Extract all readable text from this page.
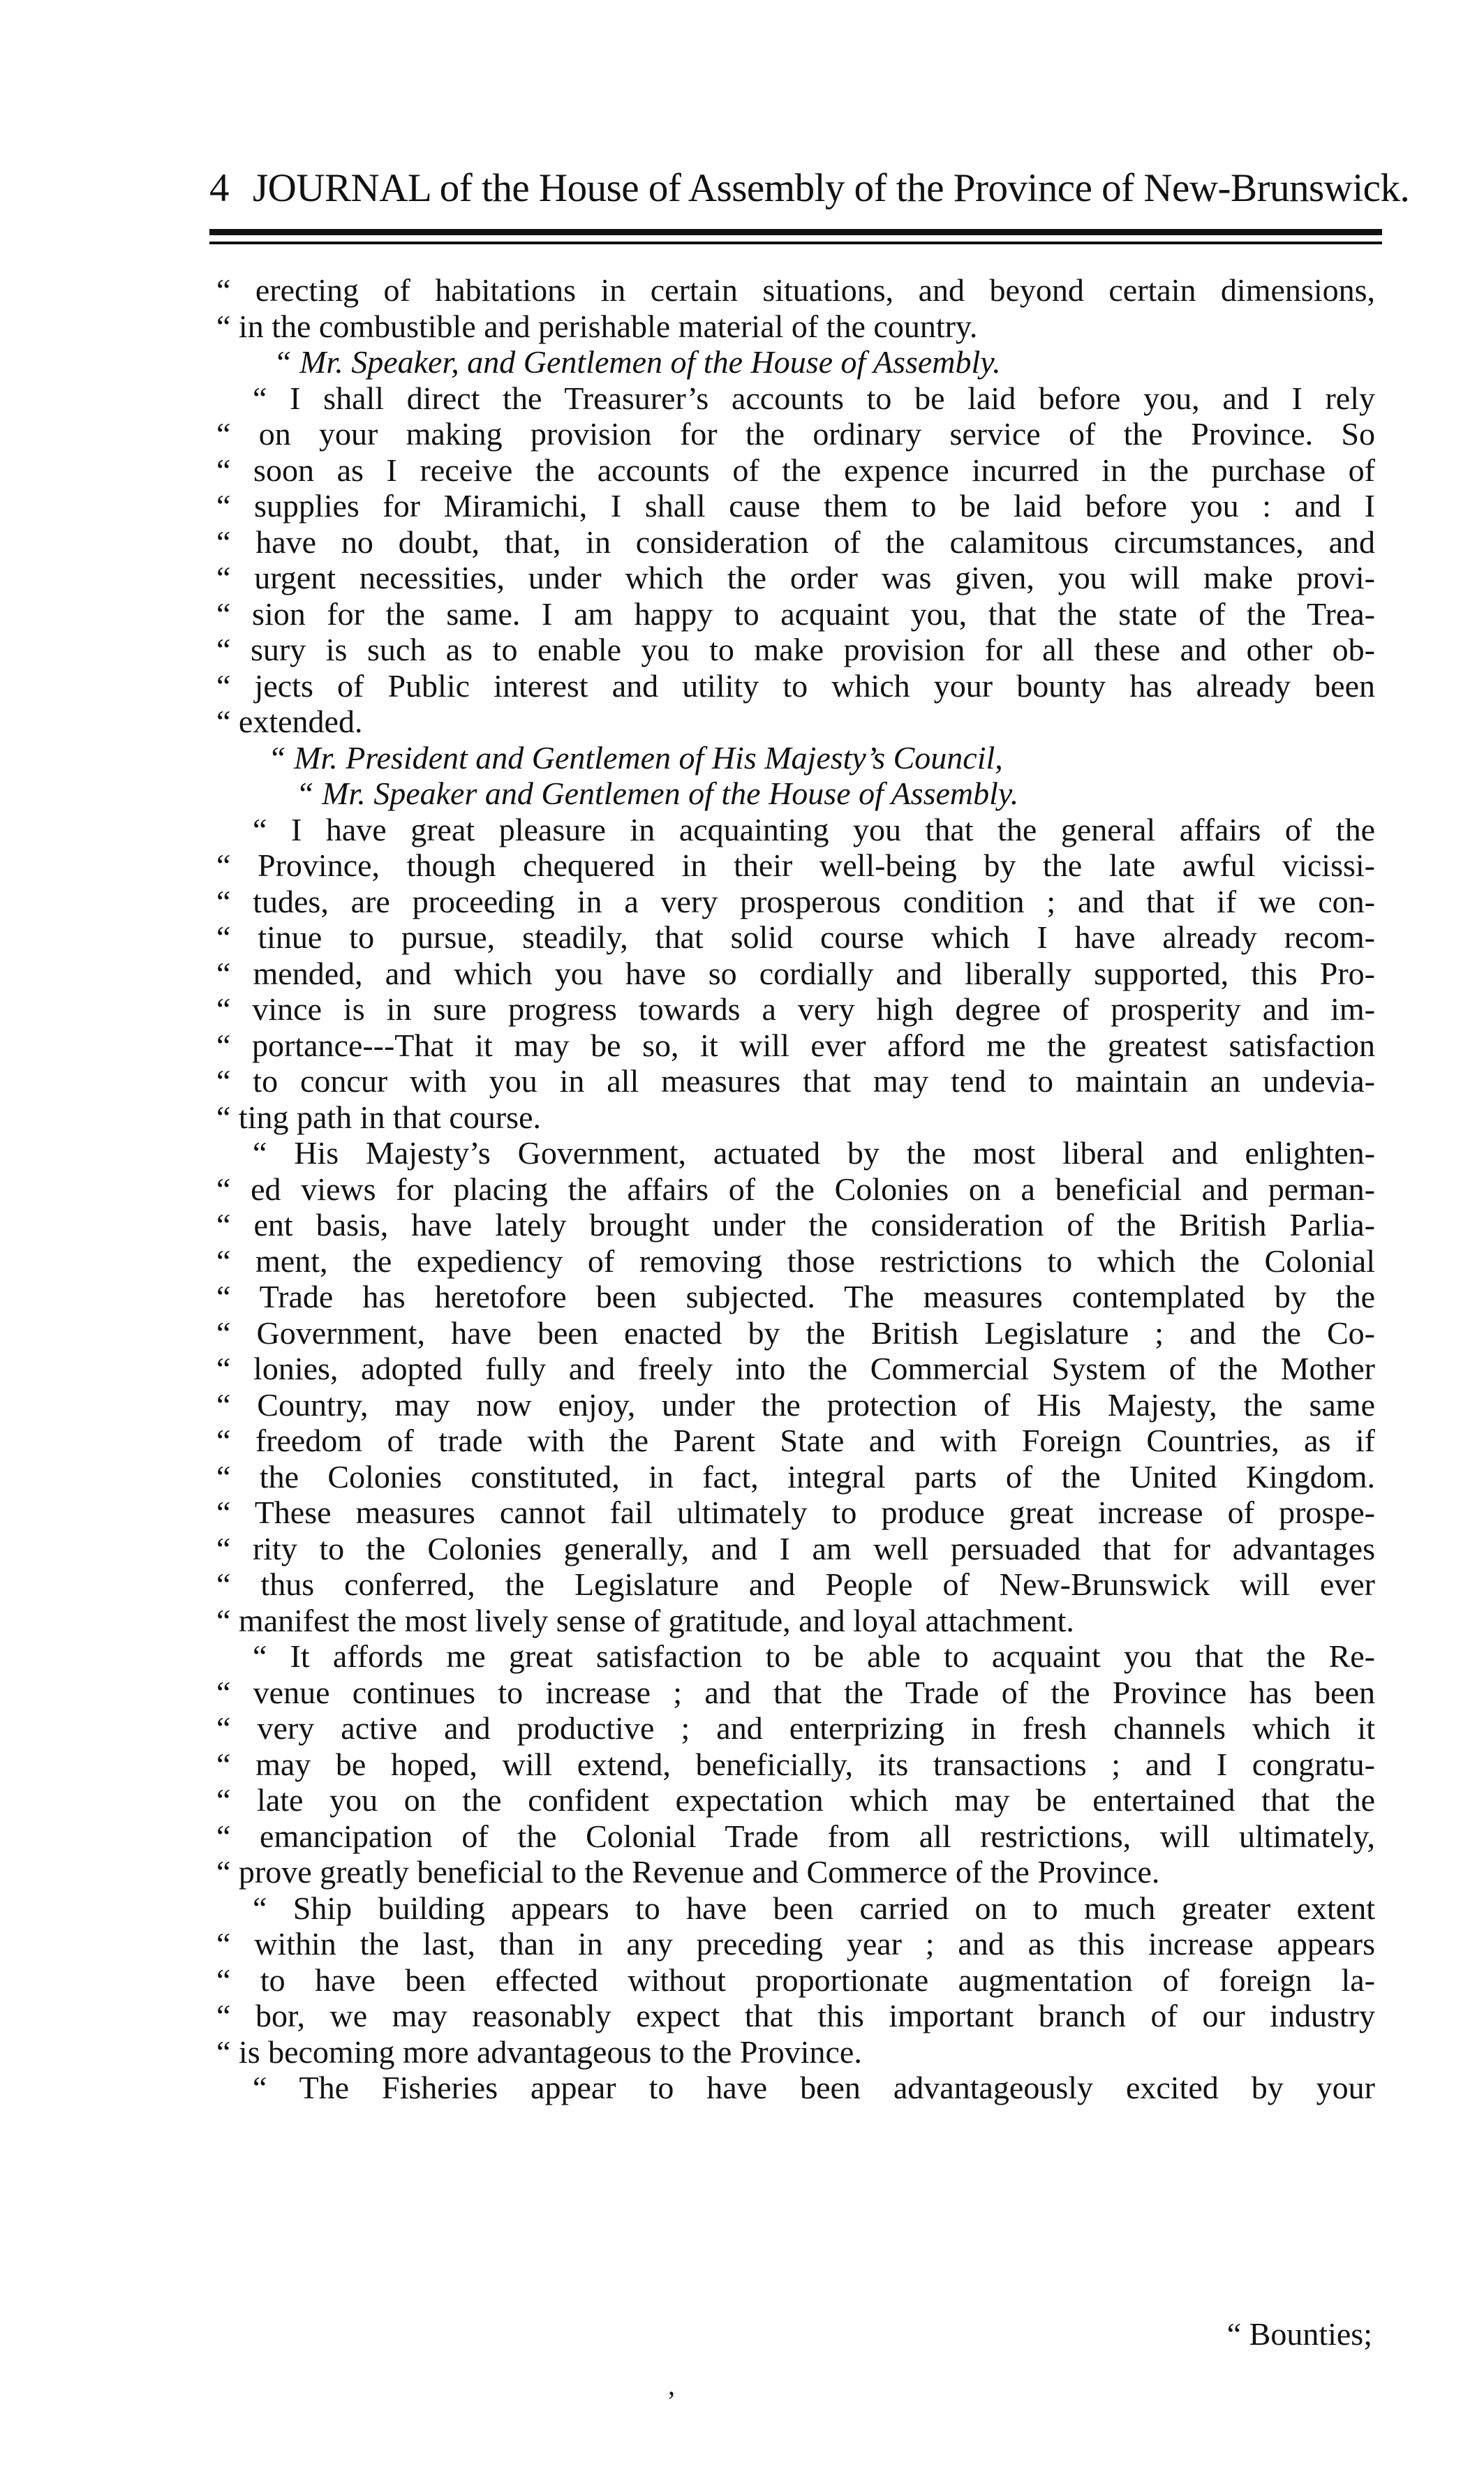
4 JOURNAL of the House of Assembly of the Province of New-Brunswick.
“ erecting of habitations in certain situations, and beyond certain dimensions,
“ in the combustible and perishable material of the country.
“ Mr. Speaker, and Gentlemen of the House of Assembly.
“ I shall direct the Treasurer’s accounts to be laid before you, and I rely
“ on your making provision for the ordinary service of the Province. So
“ soon as I receive the accounts of the expence incurred in the purchase of
“ supplies for Miramichi, I shall cause them to be laid before you : and I
“ have no doubt, that, in consideration of the calamitous circumstances, and
“ urgent necessities, under which the order was given, you will make provi-
“ sion for the same. I am happy to acquaint you, that the state of the Trea-
“ sury is such as to enable you to make provision for all these and other ob-
“ jects of Public interest and utility to which your bounty has already been
“ extended.
“ Mr. President and Gentlemen of His Majesty’s Council,
“ Mr. Speaker and Gentlemen of the House of Assembly.
“ I have great pleasure in acquainting you that the general affairs of the
“ Province, though chequered in their well-being by the late awful vicissi-
“ tudes, are proceeding in a very prosperous condition ; and that if we con-
“ tinue to pursue, steadily, that solid course which I have already recom-
“ mended, and which you have so cordially and liberally supported, this Pro-
“ vince is in sure progress towards a very high degree of prosperity and im-
“ portance---That it may be so, it will ever afford me the greatest satisfaction
“ to concur with you in all measures that may tend to maintain an undevia-
“ ting path in that course.
“ His Majesty’s Government, actuated by the most liberal and enlighten-
“ ed views for placing the affairs of the Colonies on a beneficial and perman-
“ ent basis, have lately brought under the consideration of the British Parlia-
“ ment, the expediency of removing those restrictions to which the Colonial
“ Trade has heretofore been subjected. The measures contemplated by the
“ Government, have been enacted by the British Legislature ; and the Co-
“ lonies, adopted fully and freely into the Commercial System of the Mother
“ Country, may now enjoy, under the protection of His Majesty, the same
“ freedom of trade with the Parent State and with Foreign Countries, as if
“ the Colonies constituted, in fact, integral parts of the United Kingdom.
“ These measures cannot fail ultimately to produce great increase of prospe-
“ rity to the Colonies generally, and I am well persuaded that for advantages
“ thus conferred, the Legislature and People of New-Brunswick will ever
“ manifest the most lively sense of gratitude, and loyal attachment.
“ It affords me great satisfaction to be able to acquaint you that the Re-
“ venue continues to increase ; and that the Trade of the Province has been
“ very active and productive ; and enterprizing in fresh channels which it
“ may be hoped, will extend, beneficially, its transactions ; and I congratu-
“ late you on the confident expectation which may be entertained that the
“ emancipation of the Colonial Trade from all restrictions, will ultimately,
“ prove greatly beneficial to the Revenue and Commerce of the Province.
“ Ship building appears to have been carried on to much greater extent
“ within the last, than in any preceding year ; and as this increase appears
“ to have been effected without proportionate augmentation of foreign la-
“ bor, we may reasonably expect that this important branch of our industry
“ is becoming more advantageous to the Province.
“ The Fisheries appear to have been advantageously excited by your
“ Bounties;
’
